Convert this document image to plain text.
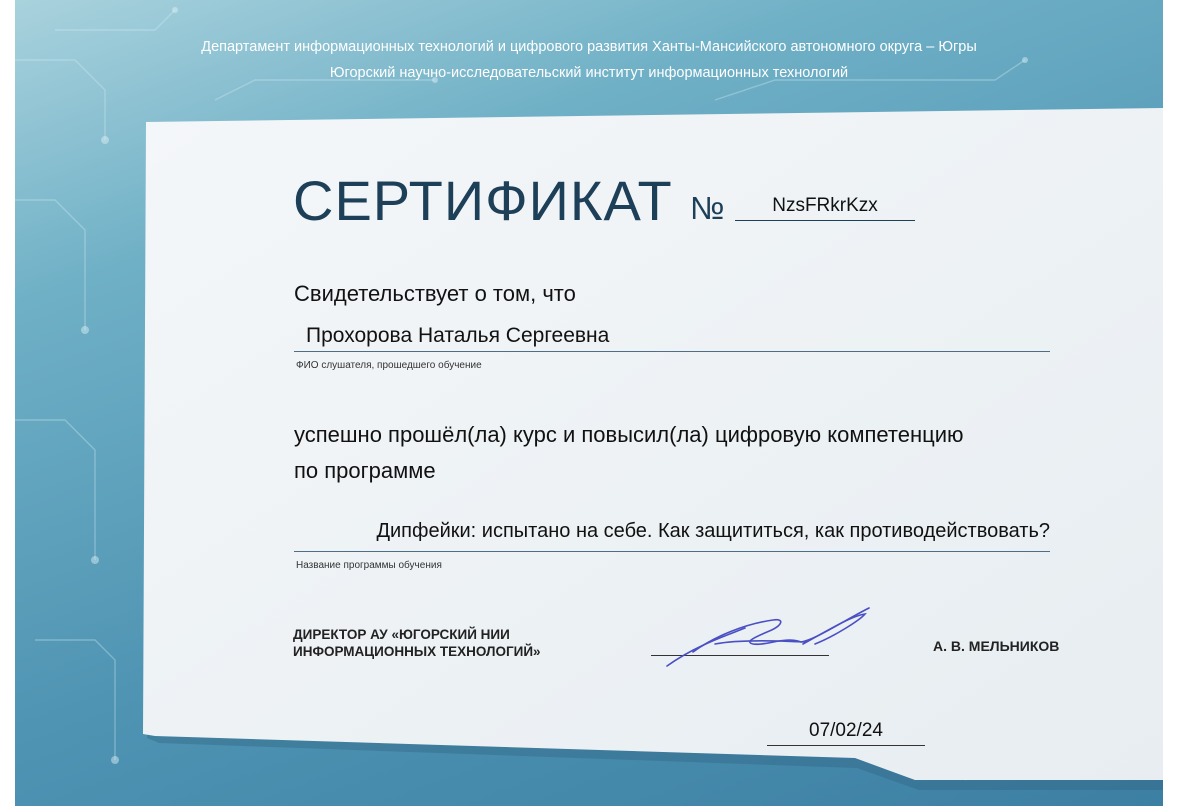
Департамент информационных технологий и цифрового развития Ханты-Мансийского автономного округа – Югры
Югорский научно-исследовательский институт информационных технологий
СЕРТИФИКАТ №	NzsFRkrKzx
Свидетельствует о том, что
Прохорова Наталья Сергеевна
ФИО слушателя, прошедшего обучение
успешно прошёл(ла) курс и повысил(ла) цифровую компетенцию
по программе
Дипфейки: испытано на себе. Как защититься, как противодействовать?
Название программы обучения
ДИРЕКТОР АУ «ЮГОРСКИЙ НИИ
ИНФОРМАЦИОННЫХ ТЕХНОЛОГИЙ»	А. В. МЕЛЬНИКОВ
07/02/24
